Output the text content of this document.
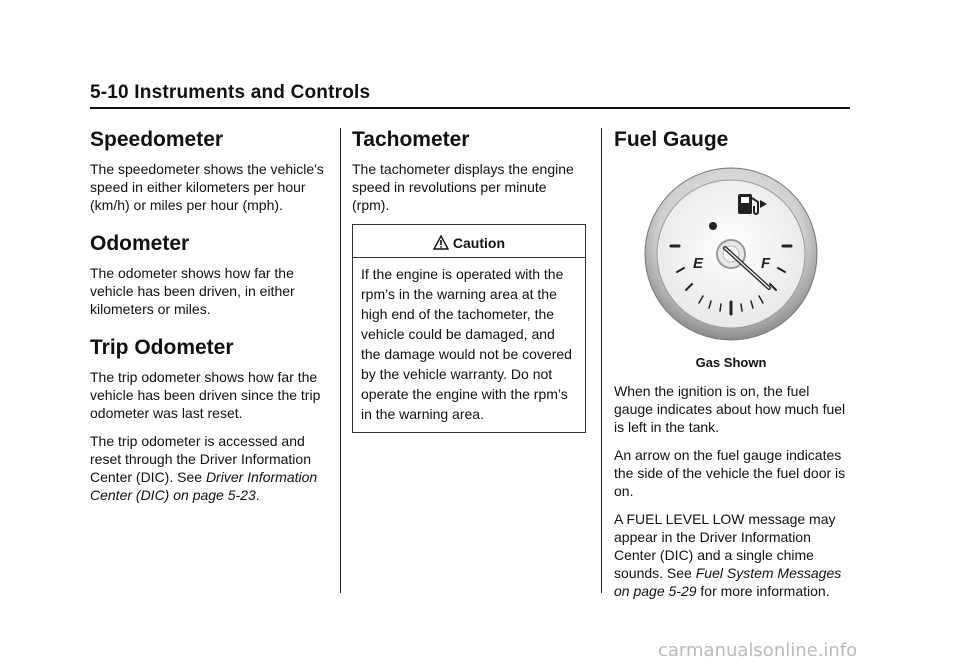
5-10 Instruments and Controls
Speedometer

The speedometer shows the vehicle's speed in either kilometers per hour (km/h) or miles per hour (mph).

Odometer

The odometer shows how far the vehicle has been driven, in either kilometers or miles.

Trip Odometer

The trip odometer shows how far the vehicle has been driven since the trip odometer was last reset.

The trip odometer is accessed and reset through the Driver Information Center (DIC). See Driver Information Center (DIC) on page 5-23.

Tachometer

The tachometer displays the engine speed in revolutions per minute (rpm).

Caution
If the engine is operated with the rpm’s in the warning area at the high end of the tachometer, the vehicle could be damaged, and the damage would not be covered by the vehicle warranty. Do not operate the engine with the rpm’s in the warning area.
Fuel Gauge
E	F
Gas Shown

When the ignition is on, the fuel gauge indicates about how much fuel is left in the tank.

An arrow on the fuel gauge indicates the side of the vehicle the fuel door is on.

A FUEL LEVEL LOW message may appear in the Driver Information Center (DIC) and a single chime sounds. See Fuel System Messages on page 5-29 for more information.

carmanualsonline.info
